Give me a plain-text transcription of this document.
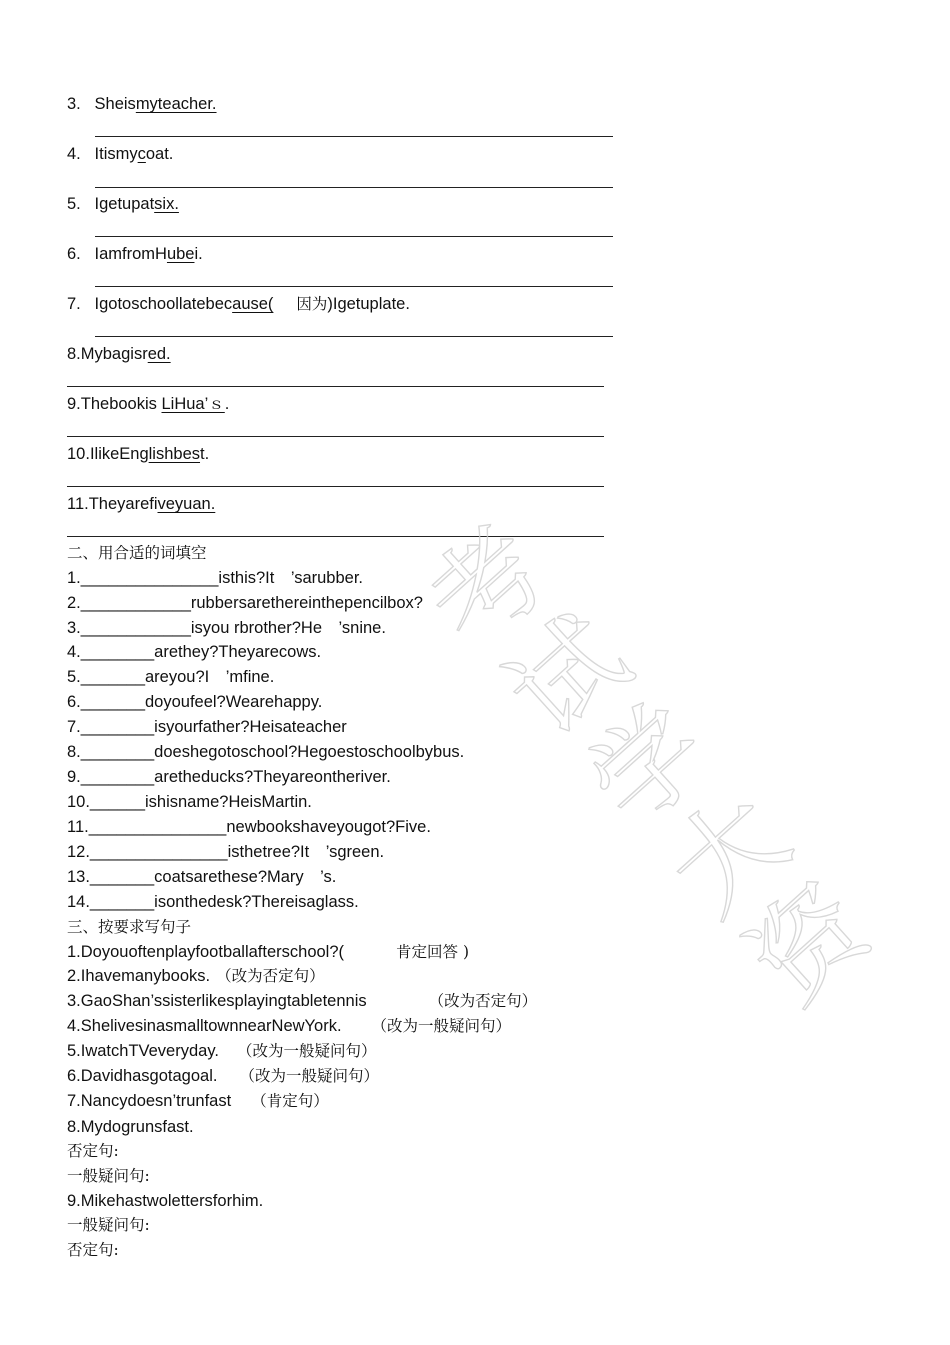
3. Sheismyteacher.
4. Itismycoat.
5. Igetupatsix.
6. IamfromHubei.
7. Igotoschoollatebecause( 因为)Igetuplate.
8.Mybagisred.
9.Thebookis LiHua’ｓ.
10.IlikeEnglishbest.
11.Theyarefiveyuan.
二、用合适的词填空
1._______________isthis?It　’sarubber.
2.____________rubbersarethereinthepencilbox?
3.____________isyou rbrother?He　’snine.
4.________arethey?Theyarecows.
5._______areyou?I　’mfine.
6._______doyoufeel?Wearehappy.
7.________isyourfather?Heisateacher
8.________doeshegotoschool?Hegoestoschoolbybus.
9.________aretheducks?Theyareontheriver.
10.______ishisname?HeisMartin.
11._______________newbookshaveyougot?Five.
12._______________isthetree?It　’sgreen.
13._______coatsarethese?Mary　’s.
14._______isonthedesk?Thereisaglass.
三、按要求写句子
1.Doyouoftenplayfootballafterschool?(	肯定回答 )
2.Ihavemanybooks. （改为否定句）
3.GaoShan’ssisterlikesplayingtabletennis	（改为否定句）
4.ShelivesinasmalltownnearNewYork. （改为一般疑问句）
5.IwatchTVeveryday. （改为一般疑问句）
6.Davidhasgotagoal. （改为一般疑问句）
7.Nancydoesn’trunfast （肯定句）
8.Mydogrunsfast.
否定句:
一般疑问句:
9.Mikehastwolettersforhim.
一般疑问句:
否定句:
考
试
学
大
资
